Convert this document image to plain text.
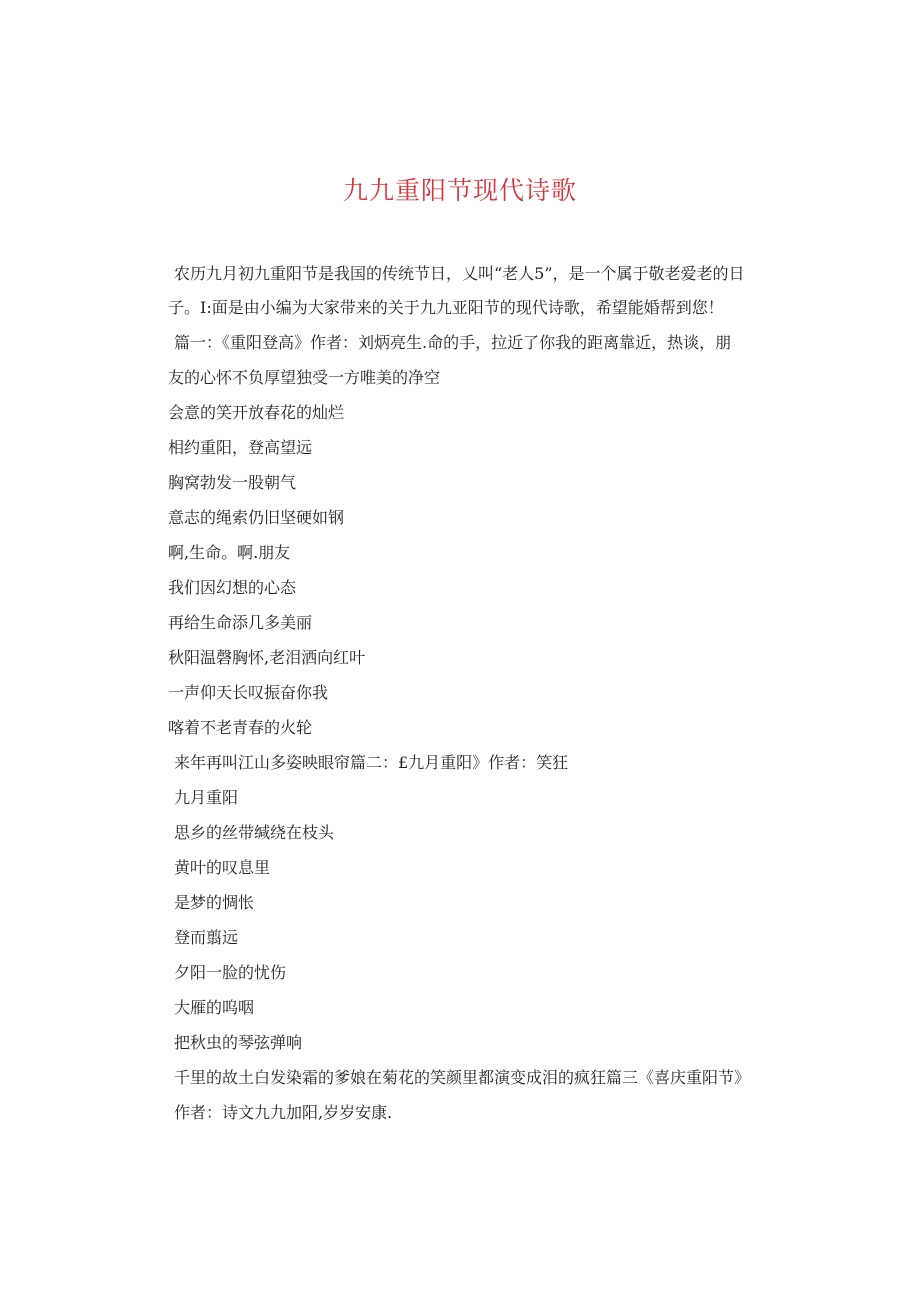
九九重阳节现代诗歌
农历九月初九重阳节是我国的传统节日，乂叫“老人5”，是一个属于敬老爱老的日
子。I:面是由小编为大家带来的关于九九亚阳节的现代诗歌，希望能婚帮到您！
篇一：《重阳登高》作者：刘炳亮生.命的手，拉近了你我的距离靠近，热谈，朋
友的心怀不负厚望独受一方唯美的净空
会意的笑开放春花的灿烂
相约重阳，登高望远
胸窝勃发一股朝气
意志的绳索仍旧坚硬如钢
啊,生命。啊.朋友
我们因幻想的心态
再给生命添几多美丽
秋阳温磬胸怀,老泪洒向红叶
一声仰天长叹振奋你我
喀着不老青春的火轮
来年再叫江山多姿映眼帘篇二：£九月重阳》作者：笑狂
九月重阳
思乡的丝带缄绕在枝头
黄叶的叹息里
是梦的惆怅
登而翦远
夕阳一脸的忧伤
大雁的呜咽
把秋虫的琴弦弹响
千里的故土白发染霜的爹娘在菊花的笑颜里都演变成泪的疯狂篇三《喜庆重阳节》
作者：诗文九九加阳,岁岁安康.
